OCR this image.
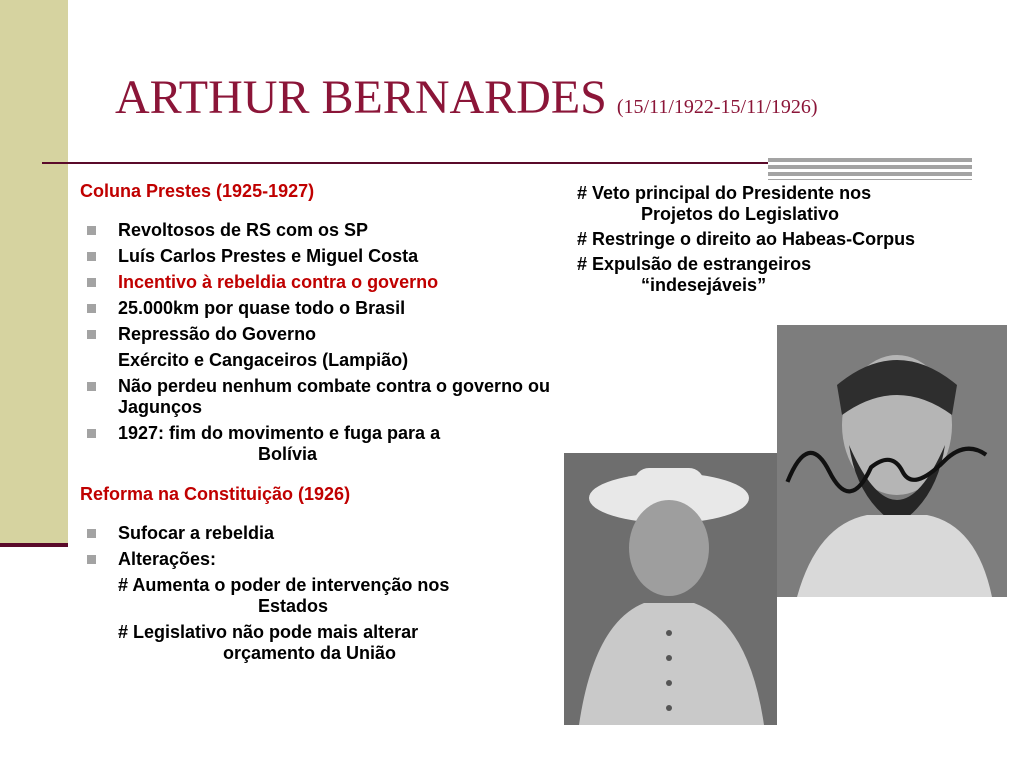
ARTHUR BERNARDES (15/11/1922-15/11/1926)

Coluna Prestes (1925-1927)

Revoltosos de RS com os SP
Luís Carlos Prestes e Miguel Costa
Incentivo à rebeldia contra o governo
25.000km por quase todo o Brasil
Repressão do Governo
Exército e Cangaceiros (Lampião)
Não perdeu nenhum combate contra o governo ou Jagunços
1927: fim do movimento e fuga para a
Bolívia

Reforma na Constituição (1926)

Sufocar a rebeldia
Alterações:
# Aumenta o poder de intervenção nos
Estados
# Legislativo não pode mais alterar
orçamento da União
# Veto principal do Presidente nos
Projetos do Legislativo
# Restringe o direito ao Habeas-Corpus
# Expulsão de estrangeiros
“indesejáveis”
